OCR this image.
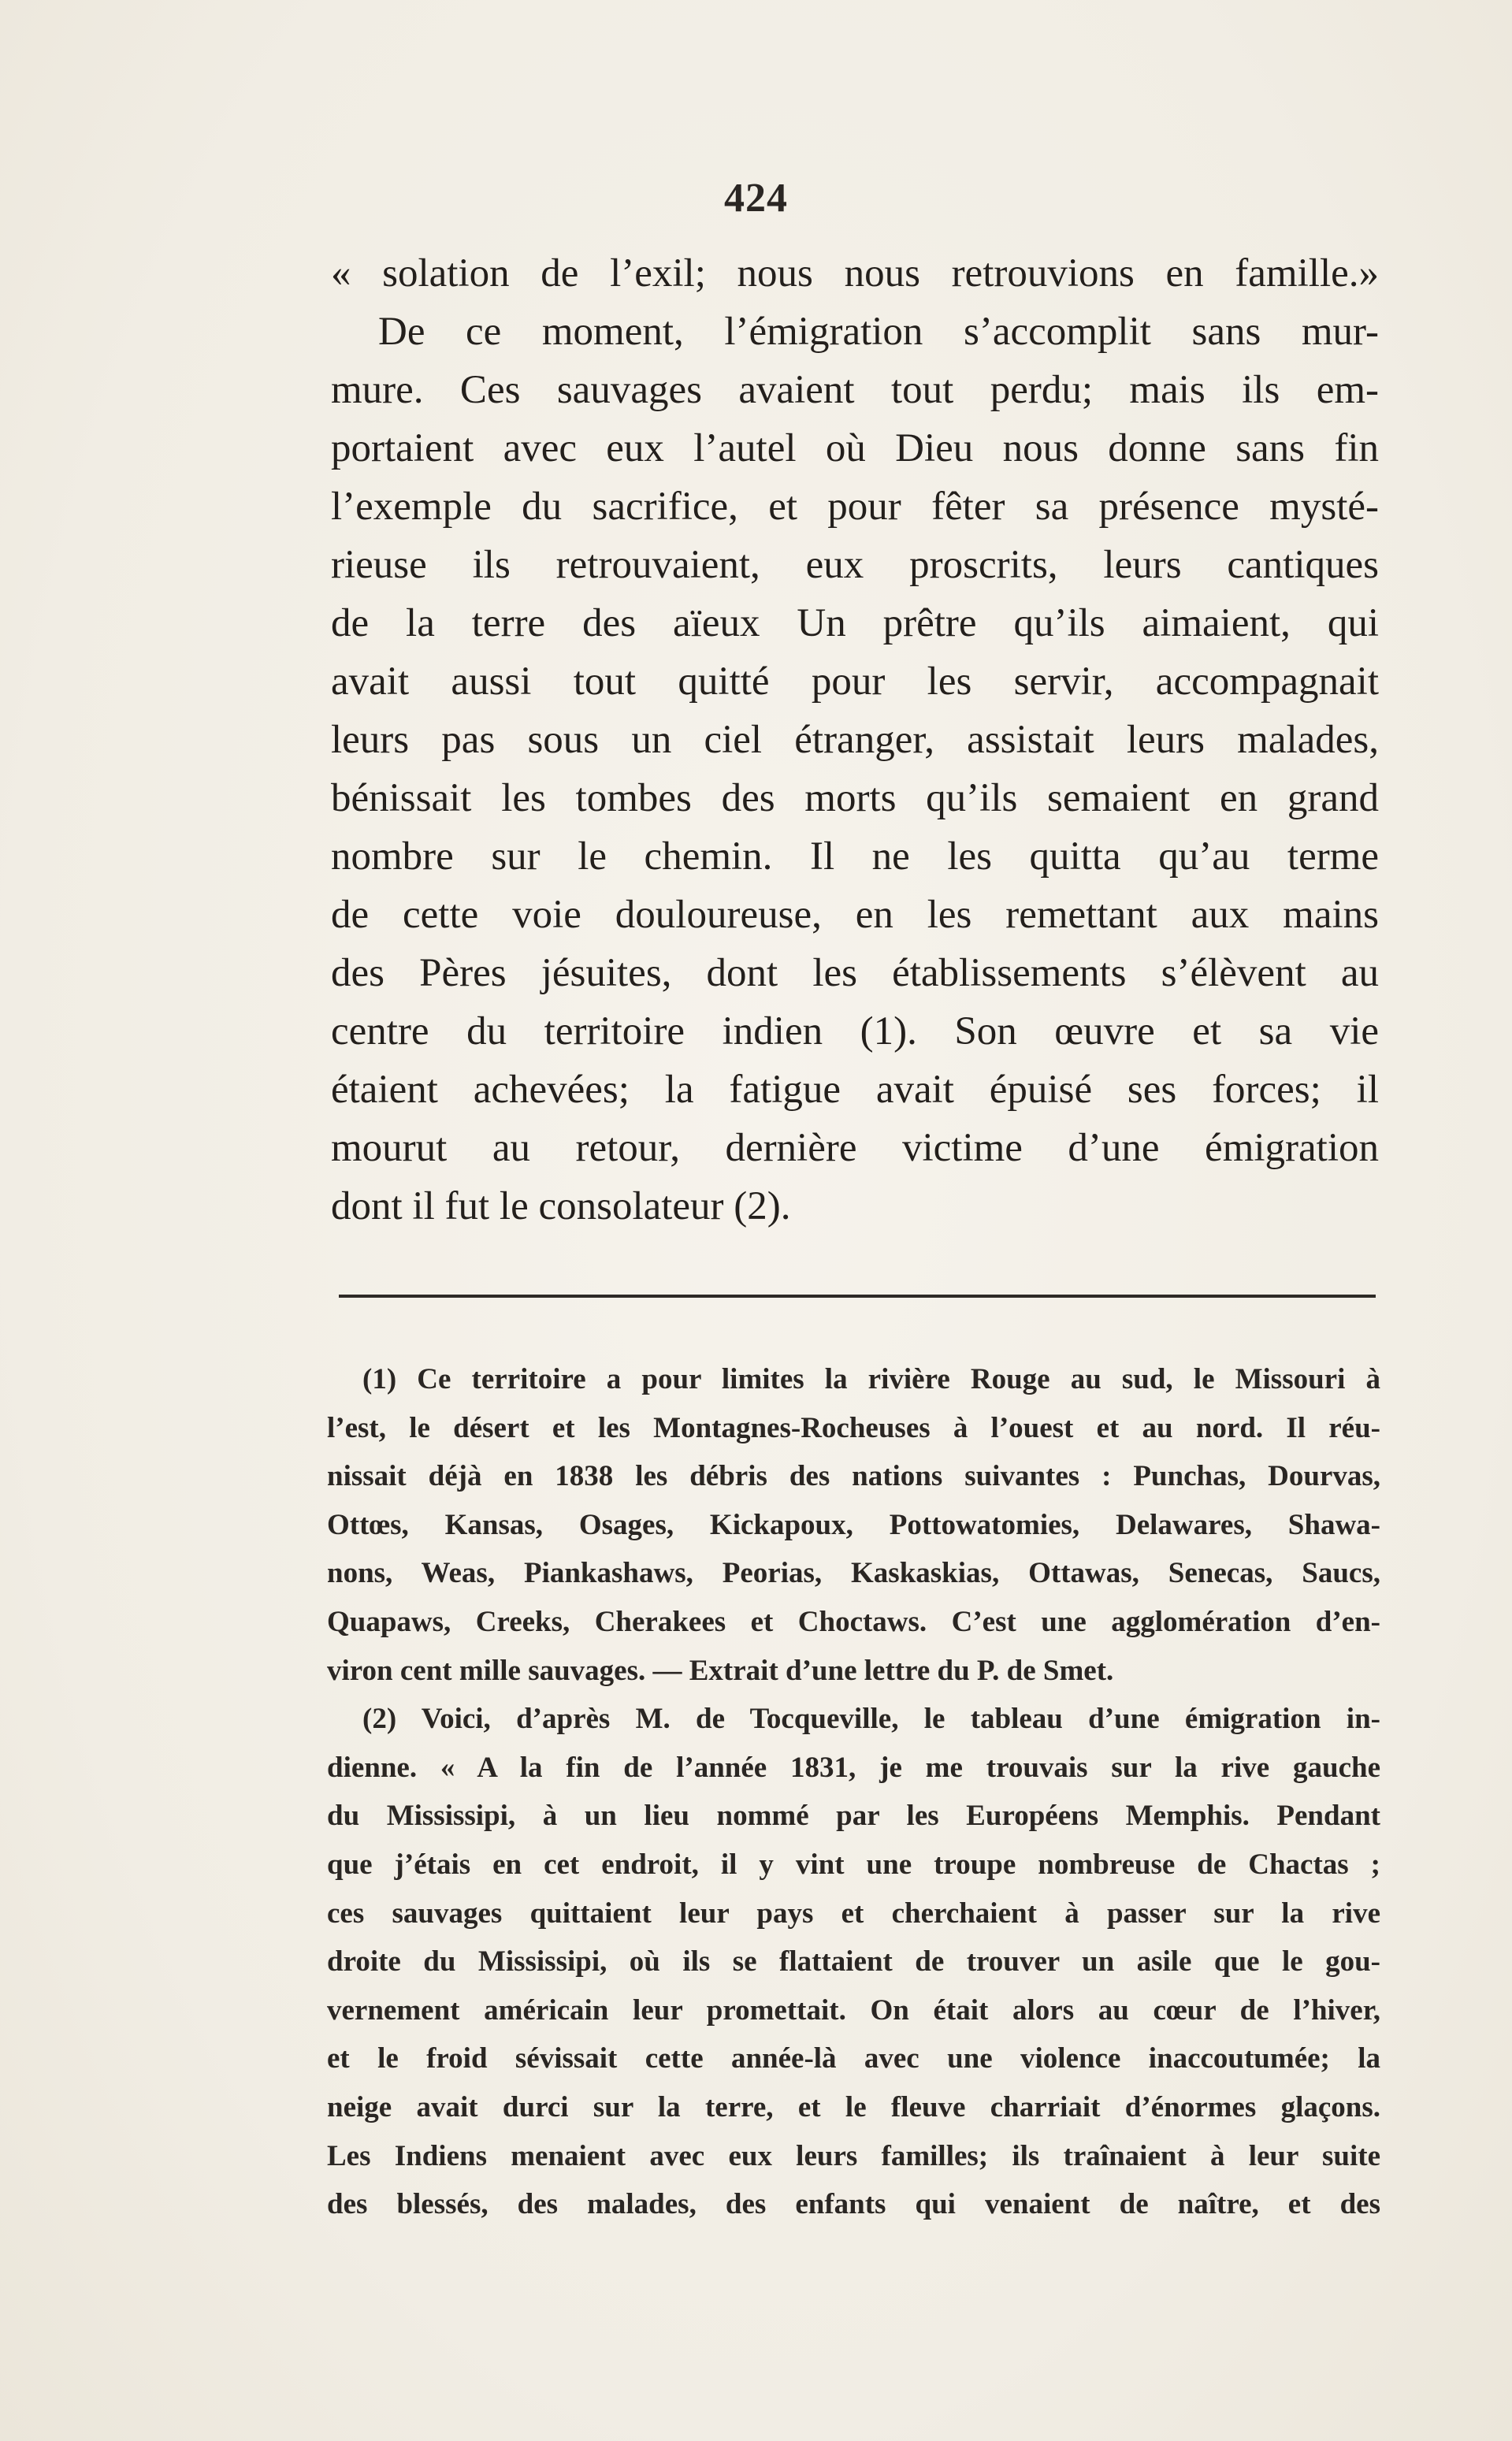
424
« solation de l’exil; nous nous retrouvions en famille.»
De ce moment, l’émigration s’accomplit sans mur-
mure. Ces sauvages avaient tout perdu; mais ils em-
portaient avec eux l’autel où Dieu nous donne sans fin
l’exemple du sacrifice, et pour fêter sa présence mysté-
rieuse ils retrouvaient, eux proscrits, leurs cantiques
de la terre des aïeux Un prêtre qu’ils aimaient, qui
avait aussi tout quitté pour les servir, accompagnait
leurs pas sous un ciel étranger, assistait leurs malades,
bénissait les tombes des morts qu’ils semaient en grand
nombre sur le chemin. Il ne les quitta qu’au terme
de cette voie douloureuse, en les remettant aux mains
des Pères jésuites, dont les établissements s’élèvent au
centre du territoire indien (1). Son œuvre et sa vie
étaient achevées; la fatigue avait épuisé ses forces; il
mourut au retour, dernière victime d’une émigration
dont il fut le consolateur (2).
(1) Ce territoire a pour limites la rivière Rouge au sud, le Missouri à
l’est, le désert et les Montagnes-Rocheuses à l’ouest et au nord. Il réu-
nissait déjà en 1838 les débris des nations suivantes : Punchas, Dourvas,
Ottœs, Kansas, Osages, Kickapoux, Pottowatomies, Delawares, Shawa-
nons, Weas, Piankashaws, Peorias, Kaskaskias, Ottawas, Senecas, Saucs,
Quapaws, Creeks, Cherakees et Choctaws. C’est une agglomération d’en-
viron cent mille sauvages. — Extrait d’une lettre du P. de Smet.
(2) Voici, d’après M. de Tocqueville, le tableau d’une émigration in-
dienne. « A la fin de l’année 1831, je me trouvais sur la rive gauche
du Mississipi, à un lieu nommé par les Européens Memphis. Pendant
que j’étais en cet endroit, il y vint une troupe nombreuse de Chactas ;
ces sauvages quittaient leur pays et cherchaient à passer sur la rive
droite du Mississipi, où ils se flattaient de trouver un asile que le gou-
vernement américain leur promettait. On était alors au cœur de l’hiver,
et le froid sévissait cette année-là avec une violence inaccoutumée; la
neige avait durci sur la terre, et le fleuve charriait d’énormes glaçons.
Les Indiens menaient avec eux leurs familles; ils traînaient à leur suite
des blessés, des malades, des enfants qui venaient de naître, et des
